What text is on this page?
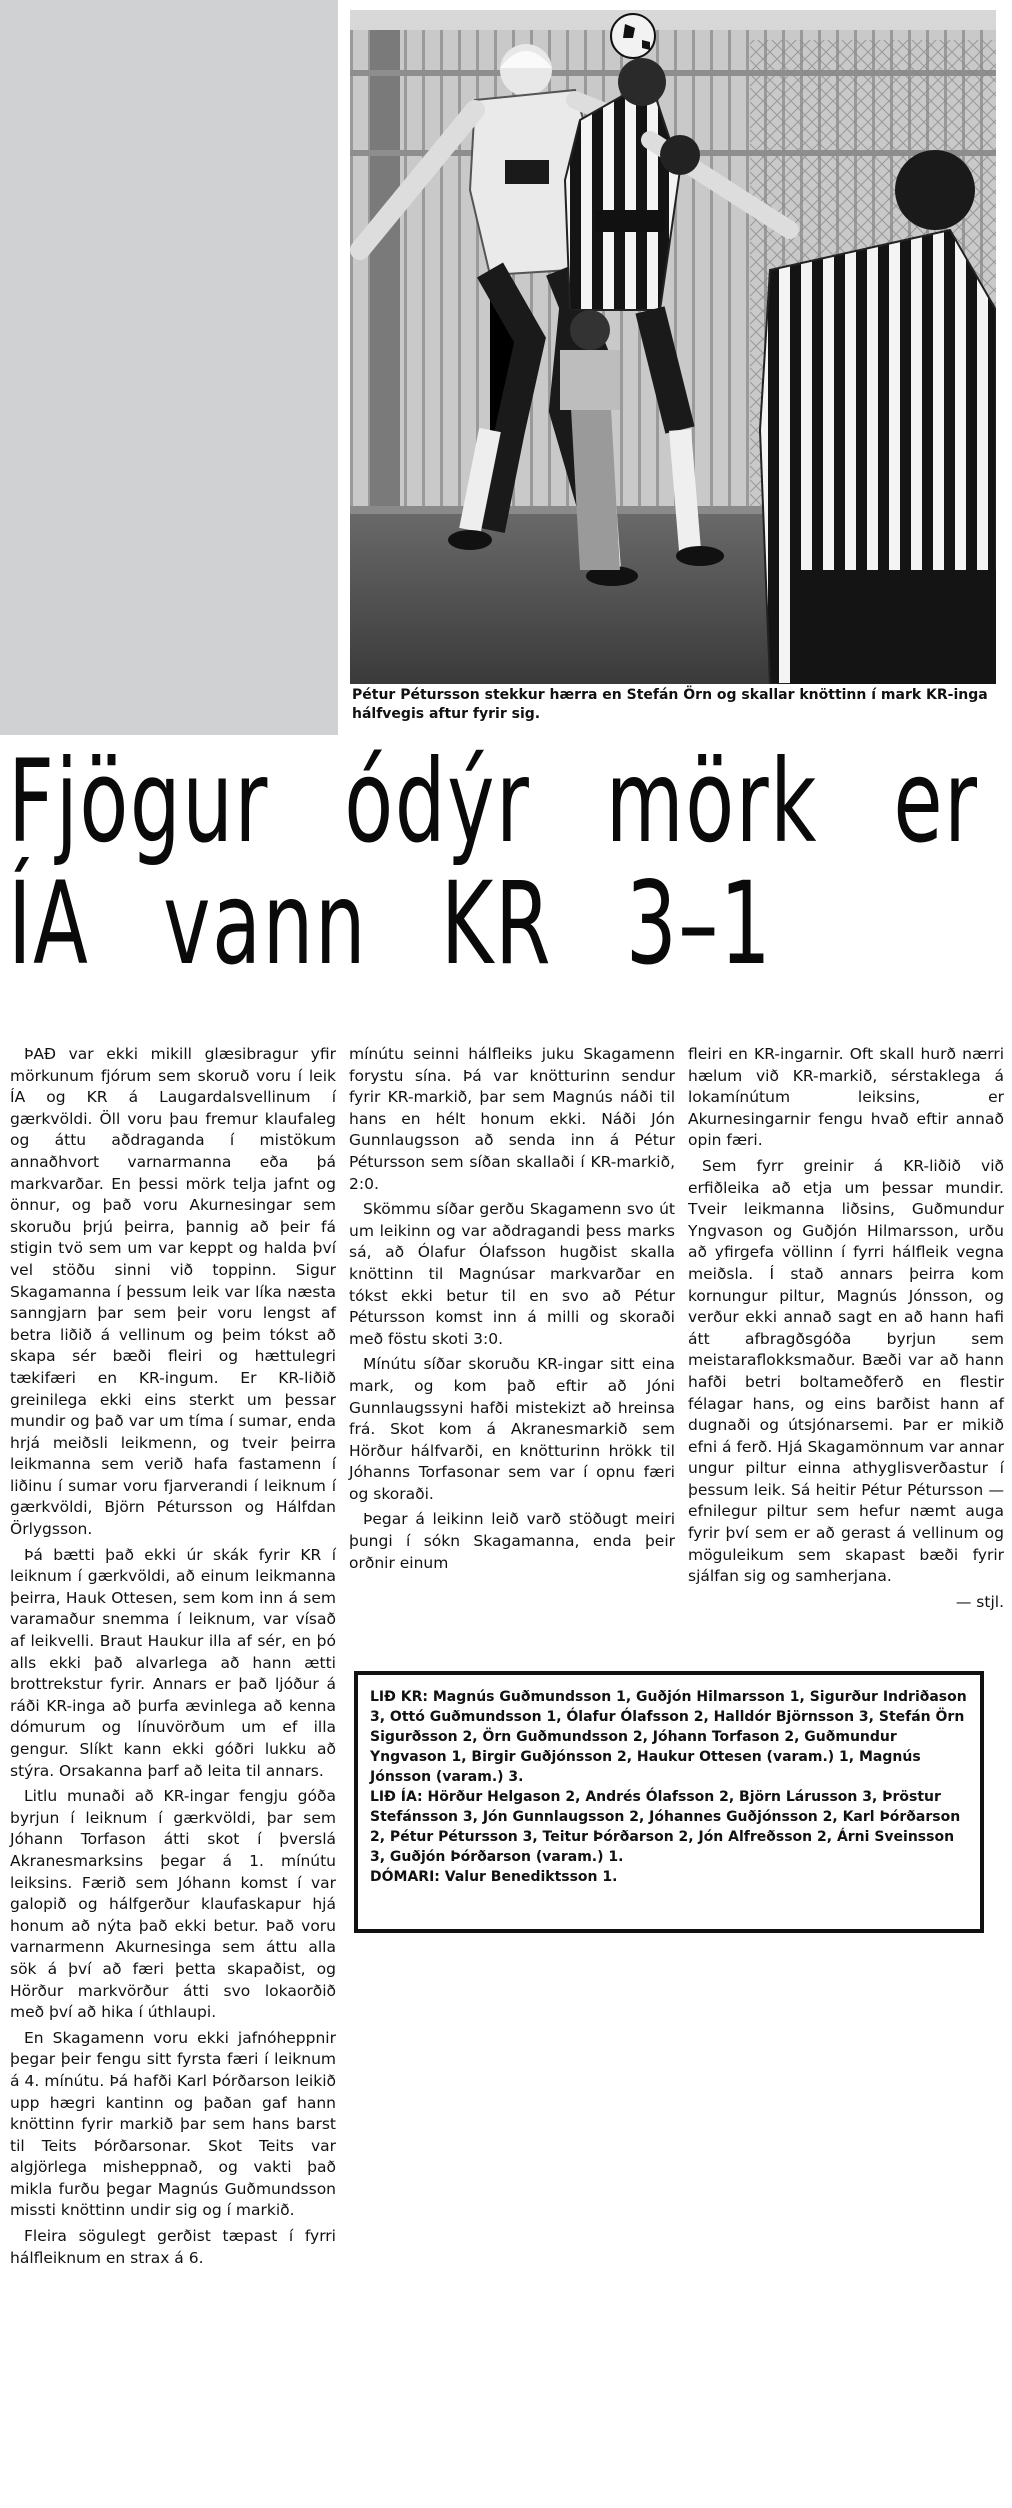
Pétur Pétursson stekkur hærra en Stefán Örn og skallar knöttinn í mark KR-inga hálfvegis aftur fyrir sig.
Fjögur ódýr mörk er
ÍA vann KR 3–1

ÞAÐ var ekki mikill glæsibragur yfir mörkunum fjórum sem skoruð voru í leik ÍA og KR á Laugardalsvellinum í gærkvöldi. Öll voru þau fremur klaufaleg og áttu aðdraganda í mistökum annaðhvort varnarmanna eða þá markvarðar. En þessi mörk telja jafnt og önnur, og það voru Akurnesingar sem skoruðu þrjú þeirra, þannig að þeir fá stigin tvö sem um var keppt og halda því vel stöðu sinni við toppinn. Sigur Skagamanna í þessum leik var líka næsta sanngjarn þar sem þeir voru lengst af betra liðið á vellinum og þeim tókst að skapa sér bæði fleiri og hættulegri tækifæri en KR-ingum. Er KR-liðið greinilega ekki eins sterkt um þessar mundir og það var um tíma í sumar, enda hrjá meiðsli leikmenn, og tveir þeirra leikmanna sem verið hafa fastamenn í liðinu í sumar voru fjarverandi í leiknum í gærkvöldi, Björn Pétursson og Hálfdan Örlygsson.

Þá bætti það ekki úr skák fyrir KR í leiknum í gærkvöldi, að einum leikmanna þeirra, Hauk Ottesen, sem kom inn á sem varamaður snemma í leiknum, var vísað af leikvelli. Braut Haukur illa af sér, en þó alls ekki það alvarlega að hann ætti brottrekstur fyrir. Annars er það ljóður á ráði KR-inga að þurfa ævinlega að kenna dómurum og línuvörðum um ef illa gengur. Slíkt kann ekki góðri lukku að stýra. Orsakanna þarf að leita til annars.

Litlu munaði að KR-ingar fengju góða byrjun í leiknum í gærkvöldi, þar sem Jóhann Torfason átti skot í þverslá Akranesmarksins þegar á 1. mínútu leiksins. Færið sem Jóhann komst í var galopið og hálfgerður klaufaskapur hjá honum að nýta það ekki betur. Það voru varnarmenn Akurnesinga sem áttu alla sök á því að færi þetta skapaðist, og Hörður markvörður átti svo lokaorðið með því að hika í úthlaupi.

En Skagamenn voru ekki jafnóheppnir þegar þeir fengu sitt fyrsta færi í leiknum á 4. mínútu. Þá hafði Karl Þórðarson leikið upp hægri kantinn og þaðan gaf hann knöttinn fyrir markið þar sem hans barst til Teits Þórðarsonar. Skot Teits var algjörlega misheppnað, og vakti það mikla furðu þegar Magnús Guðmundsson missti knöttinn undir sig og í markið.

Fleira sögulegt gerðist tæpast í fyrri hálfleiknum en strax á 6.

mínútu seinni hálfleiks juku Skagamenn forystu sína. Þá var knötturinn sendur fyrir KR-markið, þar sem Magnús náði til hans en hélt honum ekki. Náði Jón Gunnlaugsson að senda inn á Pétur Pétursson sem síðan skallaði í KR-markið, 2:0.

Skömmu síðar gerðu Skagamenn svo út um leikinn og var aðdragandi þess marks sá, að Ólafur Ólafsson hugðist skalla knöttinn til Magnúsar markvarðar en tókst ekki betur til en svo að Pétur Pétursson komst inn á milli og skoraði með föstu skoti 3:0.

Mínútu síðar skoruðu KR-ingar sitt eina mark, og kom það eftir að Jóni Gunnlaugssyni hafði mistekizt að hreinsa frá. Skot kom á Akranesmarkið sem Hörður hálfvarði, en knötturinn hrökk til Jóhanns Torfasonar sem var í opnu færi og skoraði.

Þegar á leikinn leið varð stöðugt meiri þungi í sókn Skagamanna, enda þeir orðnir einum

fleiri en KR-ingarnir. Oft skall hurð nærri hælum við KR-markið, sérstaklega á lokamínútum leiksins, er Akurnesingarnir fengu hvað eftir annað opin færi.

Sem fyrr greinir á KR-liðið við erfiðleika að etja um þessar mundir. Tveir leikmanna liðsins, Guðmundur Yngvason og Guðjón Hilmarsson, urðu að yfirgefa völlinn í fyrri hálfleik vegna meiðsla. Í stað annars þeirra kom kornungur piltur, Magnús Jónsson, og verður ekki annað sagt en að hann hafi átt afbragðsgóða byrjun sem meistaraflokksmaður. Bæði var að hann hafði betri boltameðferð en flestir félagar hans, og eins barðist hann af dugnaði og útsjónarsemi. Þar er mikið efni á ferð. Hjá Skagamönnum var annar ungur piltur einna athyglisverðastur í þessum leik. Sá heitir Pétur Pétursson — efnilegur piltur sem hefur næmt auga fyrir því sem er að gerast á vellinum og möguleikum sem skapast bæði fyrir sjálfan sig og samherjana.

— stjl.

LIÐ KR: Magnús Guðmundsson 1, Guðjón Hilmarsson 1, Sigurður Indriðason 3, Ottó Guðmundsson 1, Ólafur Ólafsson 2, Halldór Björnsson 3, Stefán Örn Sigurðsson 2, Örn Guðmundsson 2, Jóhann Torfason 2, Guðmundur Yngvason 1, Birgir Guðjónsson 2, Haukur Ottesen (varam.) 1, Magnús Jónsson (varam.) 3.

LIÐ ÍA: Hörður Helgason 2, Andrés Ólafsson 2, Björn Lárusson 3, Þröstur Stefánsson 3, Jón Gunnlaugsson 2, Jóhannes Guðjónsson 2, Karl Þórðarson 2, Pétur Pétursson 3, Teitur Þórðarson 2, Jón Alfreðsson 2, Árni Sveinsson 3, Guðjón Þórðarson (varam.) 1.

DÓMARI: Valur Benediktsson 1.
